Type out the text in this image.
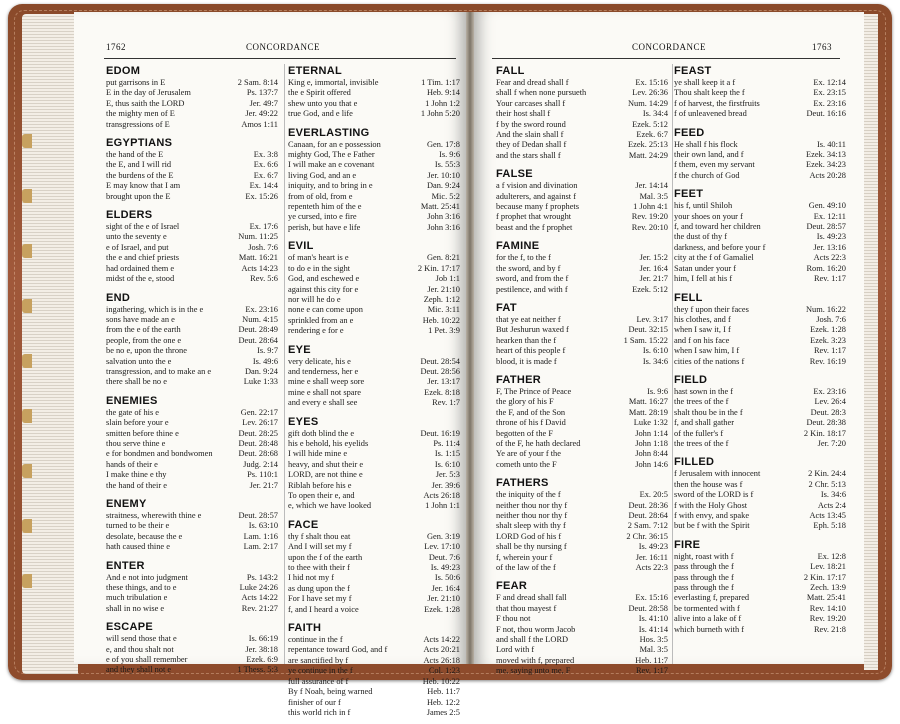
1762	CONCORDANCE
EDOM
put garrisons in E	2 Sam. 8:14
E in the day of Jerusalem	Ps. 137:7
E, thus saith the LORD	Jer. 49:7
the mighty men of E	Jer. 49:22
transgressions of E	Amos 1:11
EGYPTIANS
the hand of the E	Ex. 3:8
the E, and I will rid	Ex. 6:6
the burdens of the E	Ex. 6:7
E may know that I am	Ex. 14:4
brought upon the E	Ex. 15:26
ELDERS
sight of the e of Israel	Ex. 17:6
unto the seventy e	Num. 11:25
e of Israel, and put	Josh. 7:6
the e and chief priests	Matt. 16:21
had ordained them e	Acts 14:23
midst of the e, stood	Rev. 5:6
END
ingathering, which is in the e	Ex. 23:16
sons have made an e	Num. 4:15
from the e of the earth	Deut. 28:49
people, from the one e	Deut. 28:64
be no e, upon the throne	Is. 9:7
salvation unto the e	Is. 49:6
transgression, and to make an e	Dan. 9:24
there shall be no e	Luke 1:33
ENEMIES
the gate of his e	Gen. 22:17
slain before your e	Lev. 26:17
smitten before thine e	Deut. 28:25
thou serve thine e	Deut. 28:48
e for bondmen and bondwomen	Deut. 28:68
hands of their e	Judg. 2:14
I make thine e thy	Ps. 110:1
the hand of their e	Jer. 21:7
ENEMY
straitness, wherewith thine e	Deut. 28:57
turned to be their e	Is. 63:10
desolate, because the e	Lam. 1:16
hath caused thine e	Lam. 2:17
ENTER
And e not into judgment	Ps. 143:2
these things, and to e	Luke 24:26
much tribulation e	Acts 14:22
shall in no wise e	Rev. 21:27
ESCAPE
will send those that e	Is. 66:19
e, and thou shalt not	Jer. 38:18
e of you shall remember	Ezek. 6:9
and they shall not e	1 Thess. 5:3
ETERNAL
King e, immortal, invisible	1 Tim. 1:17
the e Spirit offered	Heb. 9:14
shew unto you that e	1 John 1:2
true God, and e life	1 John 5:20
EVERLASTING
Canaan, for an e possession	Gen. 17:8
mighty God, The e Father	Is. 9:6
I will make an e covenant	Is. 55:3
living God, and an e	Jer. 10:10
iniquity, and to bring in e	Dan. 9:24
from of old, from e	Mic. 5:2
repenteth him of the e	Matt. 25:41
ye cursed, into e fire	John 3:16
perish, but have e life	John 3:16
EVIL
of man's heart is e	Gen. 8:21
to do e in the sight	2 Kin. 17:17
God, and eschewed e	Job 1:1
against this city for e	Jer. 21:10
nor will he do e	Zeph. 1:12
none e can come upon	Mic. 3:11
sprinkled from an e	Heb. 10:22
rendering e for e	1 Pet. 3:9
EYE
very delicate, his e	Deut. 28:54
and tenderness, her e	Deut. 28:56
mine e shall weep sore	Jer. 13:17
mine e shall not spare	Ezek. 8:18
and every e shall see	Rev. 1:7
EYES
gift doth blind the e	Deut. 16:19
his e behold, his eyelids	Ps. 11:4
I will hide mine e	Is. 1:15
heavy, and shut their e	Is. 6:10
LORD, are not thine e	Jer. 5:3
Riblah before his e	Jer. 39:6
To open their e, and	Acts 26:18
e, which we have looked	1 John 1:1
FACE
thy f shalt thou eat	Gen. 3:19
And I will set my f	Lev. 17:10
upon the f of the earth	Deut. 7:6
to thee with their f	Is. 49:23
I hid not my f	Is. 50:6
as dung upon the f	Jer. 16:4
For I have set my f	Jer. 21:10
f, and I heard a voice	Ezek. 1:28
FAITH
continue in the f	Acts 14:22
repentance toward God, and f	Acts 20:21
are sanctified by f	Acts 26:18
ye continue in the f	Col. 1:23
full assurance of f	Heb. 10:22
By f Noah, being warned	Heb. 11:7
finisher of our f	Heb. 12:2
this world rich in f	James 2:5
CONCORDANCE	1763
FALL
Fear and dread shall f	Ex. 15:16
shall f when none pursueth	Lev. 26:36
Your carcases shall f	Num. 14:29
their host shall f	Is. 34:4
f by the sword round	Ezek. 5:12
And the slain shall f	Ezek. 6:7
they of Dedan shall f	Ezek. 25:13
and the stars shall f	Matt. 24:29
FALSE
a f vision and divination	Jer. 14:14
adulterers, and against f	Mal. 3:5
because many f prophets	1 John 4:1
f prophet that wrought	Rev. 19:20
beast and the f prophet	Rev. 20:10
FAMINE
for the f, to the f	Jer. 15:2
the sword, and by f	Jer. 16:4
sword, and from the f	Jer. 21:7
pestilence, and with f	Ezek. 5:12
FAT
that ye eat neither f	Lev. 3:17
But Jeshurun waxed f	Deut. 32:15
hearken than the f	1 Sam. 15:22
heart of this people f	Is. 6:10
blood, it is made f	Is. 34:6
FATHER
F, The Prince of Peace	Is. 9:6
the glory of his F	Matt. 16:27
the F, and of the Son	Matt. 28:19
throne of his f David	Luke 1:32
begotten of the F	John 1:14
of the F, he hath declared	John 1:18
Ye are of your f the	John 8:44
cometh unto the F	John 14:6
FATHERS
the iniquity of the f	Ex. 20:5
neither thou nor thy f	Deut. 28:36
neither thou nor thy f	Deut. 28:64
shalt sleep with thy f	2 Sam. 7:12
LORD God of his f	2 Chr. 36:15
shall be thy nursing f	Is. 49:23
f, wherein your f	Jer. 16:11
of the law of the f	Acts 22:3
FEAR
F and dread shall fall	Ex. 15:16
that thou mayest f	Deut. 28:58
F thou not	Is. 41:10
F not, thou worm Jacob	Is. 41:14
and shall f the LORD	Hos. 3:5
Lord with f	Mal. 3:5
moved with f, prepared	Heb. 11:7
me, saying unto me, F	Rev. 1:17
FEAST
ye shall keep it a f	Ex. 12:14
Thou shalt keep the f	Ex. 23:15
f of harvest, the firstfruits	Ex. 23:16
f of unleavened bread	Deut. 16:16
FEED
He shall f his flock	Is. 40:11
their own land, and f	Ezek. 34:13
f them, even my servant	Ezek. 34:23
f the church of God	Acts 20:28
FEET
his f, until Shiloh	Gen. 49:10
your shoes on your f	Ex. 12:11
f, and toward her children	Deut. 28:57
the dust of thy f	Is. 49:23
darkness, and before your f	Jer. 13:16
city at the f of Gamaliel	Acts 22:3
Satan under your f	Rom. 16:20
him, I fell at his f	Rev. 1:17
FELL
they f upon their faces	Num. 16:22
his clothes, and f	Josh. 7:6
when I saw it, I f	Ezek. 1:28
and f on his face	Ezek. 3:23
when I saw him, I f	Rev. 1:17
cities of the nations f	Rev. 16:19
FIELD
hast sown in the f	Ex. 23:16
the trees of the f	Lev. 26:4
shalt thou be in the f	Deut. 28:3
f, and shall gather	Deut. 28:38
of the fuller's f	2 Kin. 18:17
the trees of the f	Jer. 7:20
FILLED
f Jerusalem with innocent	2 Kin. 24:4
then the house was f	2 Chr. 5:13
sword of the LORD is f	Is. 34:6
f with the Holy Ghost	Acts 2:4
f with envy, and spake	Acts 13:45
but be f with the Spirit	Eph. 5:18
FIRE
night, roast with f	Ex. 12:8
pass through the f	Lev. 18:21
pass through the f	2 Kin. 17:17
pass through the f	Zech. 13:9
everlasting f, prepared	Matt. 25:41
be tormented with f	Rev. 14:10
alive into a lake of f	Rev. 19:20
which burneth with f	Rev. 21:8
